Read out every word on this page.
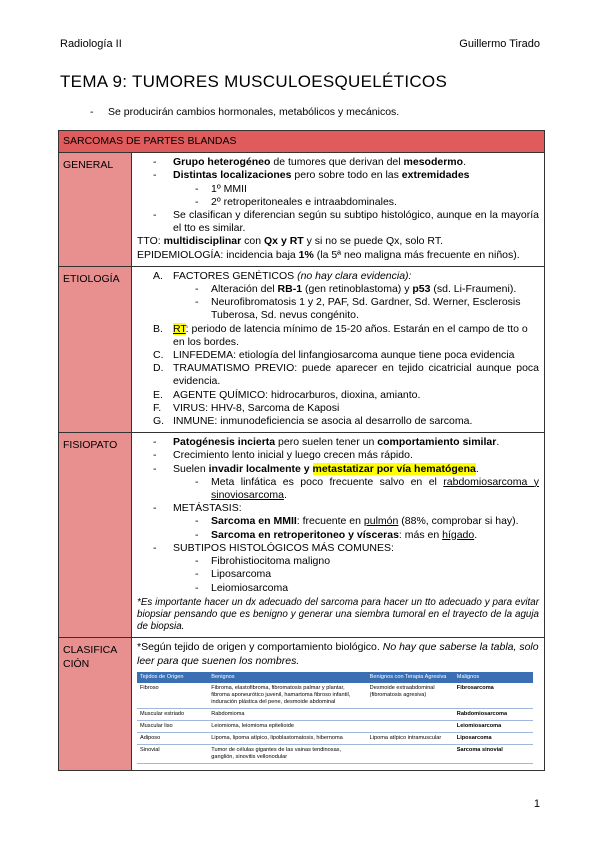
Radiología II	Guillermo Tirado
TEMA 9: TUMORES MUSCULOESQUELÉTICOS
- Se producirán cambios hormonales, metabólicos y mecánicos.
SARCOMAS DE PARTES BLANDAS
GENERAL	- Grupo heterogéneo de tumores que derivan del mesodermo.
- Distintas localizaciones pero sobre todo en las extremidades
- 1º MMII
- 2º retroperitoneales e intraabdominales.
- Se clasifican y diferencian según su subtipo histológico, aunque en la mayoría el tto es similar.
TTO: multidisciplinar con Qx y RT y si no se puede Qx, solo RT.
EPIDEMIOLOGÍA: incidencia baja 1% (la 5ª neo maligna más frecuente en niños).

ETIOLOGÍA	A. FACTORES GENÉTICOS (no hay clara evidencia):
- Alteración del RB-1 (gen retinoblastoma) y p53 (sd. Li-Fraumeni).
- Neurofibromatosis 1 y 2, PAF, Sd. Gardner, Sd. Werner, Esclerosis Tuberosa, Sd. nevus congénito.
B. RT: periodo de latencia mínimo de 15-20 años. Estarán en el campo de tto o en los bordes.
C. LINFEDEMA: etiología del linfangiosarcoma aunque tiene poca evidencia
D. TRAUMATISMO PREVIO: puede aparecer en tejido cicatricial aunque poca evidencia.
E. AGENTE QUÍMICO: hidrocarburos, dioxina, amianto.
F. VIRUS: HHV-8, Sarcoma de Kaposi
G. INMUNE: inmunodeficiencia se asocia al desarrollo de sarcoma.

FISIOPATO	- Patogénesis incierta pero suelen tener un comportamiento similar.
- Crecimiento lento inicial y luego crecen más rápido.
- Suelen invadir localmente y metastatizar por vía hematógena.
- Meta linfática es poco frecuente salvo en el rabdomiosarcoma y sinoviosarcoma.
- METÁSTASIS:
- Sarcoma en MMII: frecuente en pulmón (88%, comprobar si hay).
- Sarcoma en retroperitoneo y vísceras: más en hígado.
- SUBTIPOS HISTOLÓGICOS MÁS COMUNES:
- Fibrohistiocitoma maligno
- Liposarcoma
- Leiomiosarcoma
*Es importante hacer un dx adecuado del sarcoma para hacer un tto adecuado y para evitar biopsiar pensando que es benigno y generar una siembra tumoral en el trayecto de la aguja de biopsia.

CLASIFICA CIÓN	
*Según tejido de origen y comportamiento biológico. No hay que saberse la tabla, solo leer para que suenen los nombres.
Tejidos de Origen	Benignos	Benignos con Terapia Agresiva	Malignos
Fibroso	Fibroma, elastofibroma, fibromatosis palmar y plantar, fibroma aponeurótico juvenil, hamartoma fibroso infantil, induración plástica del pene, desmoide abdominal	Desmoide extraabdominal (fibromatosis agresiva)	Fibrosarcoma
Muscular estriado	Rabdomioma		Rabdomiosarcoma
Muscular liso	Leiomioma, leiomioma epitelioide		Leiomiosarcoma
Adiposo	Lipoma, lipoma atípico, lipoblastomatosis, hibernoma	Lipoma atípico intramuscular	Liposarcoma
Sinovial	Tumor de células gigantes de las vainas tendinosas, ganglión, sinovitis vellonodular		Sarcoma sinovial
1
